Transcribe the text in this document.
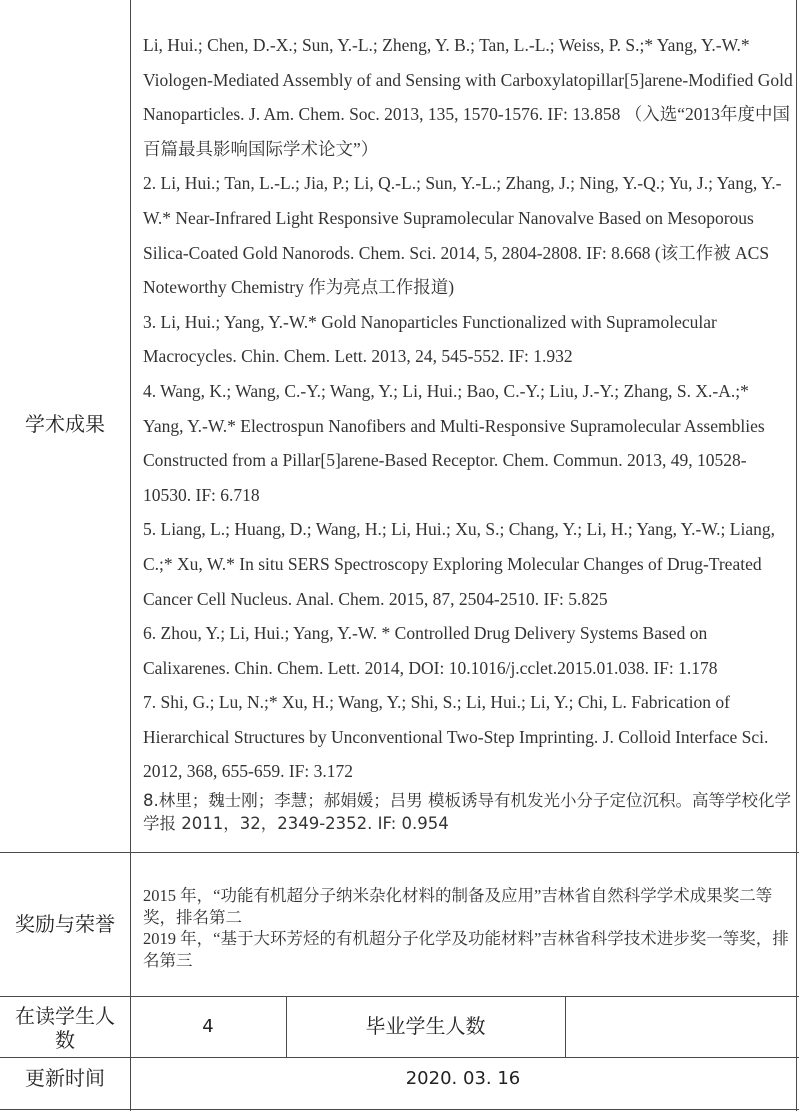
学术成果
奖励与荣誉
在读学生人数
毕业学生人数
更新时间
Li, Hui.; Chen, D.-X.; Sun, Y.-L.; Zheng, Y. B.; Tan, L.-L.; Weiss, P. S.;* Yang, Y.-W.* Viologen-Mediated Assembly of and Sensing with Carboxylatopillar[5]arene-Modified Gold Nanoparticles. J. Am. Chem. Soc. 2013, 135, 1570-1576. IF: 13.858 （入选“2013年度中国百篇最具影响国际学术论文”）
2. Li, Hui.; Tan, L.-L.; Jia, P.; Li, Q.-L.; Sun, Y.-L.; Zhang, J.; Ning, Y.-Q.; Yu, J.; Yang, Y.-W.* Near-Infrared Light Responsive Supramolecular Nanovalve Based on Mesoporous Silica-Coated Gold Nanorods. Chem. Sci. 2014, 5, 2804-2808. IF: 8.668 (该工作被 ACS Noteworthy Chemistry 作为亮点工作报道)
3. Li, Hui.; Yang, Y.-W.* Gold Nanoparticles Functionalized with Supramolecular Macrocycles. Chin. Chem. Lett. 2013, 24, 545-552. IF: 1.932
4. Wang, K.; Wang, C.-Y.; Wang, Y.; Li, Hui.; Bao, C.-Y.; Liu, J.-Y.; Zhang, S. X.-A.;* Yang, Y.-W.* Electrospun Nanofibers and Multi-Responsive Supramolecular Assemblies Constructed from a Pillar[5]arene-Based Receptor. Chem. Commun. 2013, 49, 10528-10530. IF: 6.718
5. Liang, L.; Huang, D.; Wang, H.; Li, Hui.; Xu, S.; Chang, Y.; Li, H.; Yang, Y.-W.; Liang, C.;* Xu, W.* In situ SERS Spectroscopy Exploring Molecular Changes of Drug-Treated Cancer Cell Nucleus. Anal. Chem. 2015, 87, 2504-2510. IF: 5.825
6. Zhou, Y.; Li, Hui.; Yang, Y.-W. * Controlled Drug Delivery Systems Based on Calixarenes. Chin. Chem. Lett. 2014, DOI: 10.1016/j.cclet.2015.01.038. IF: 1.178
7. Shi, G.; Lu, N.;* Xu, H.; Wang, Y.; Shi, S.; Li, Hui.; Li, Y.; Chi, L. Fabrication of Hierarchical Structures by Unconventional Two-Step Imprinting. J. Colloid Interface Sci. 2012, 368, 655-659. IF: 3.172
8.林里；魏士刚；李慧；郝娟媛；吕男 模板诱导有机发光小分子定位沉积。高等学校化学学报 2011，32，2349-2352. IF: 0.954
2015 年，“功能有机超分子纳米杂化材料的制备及应用”吉林省自然科学学术成果奖二等奖，排名第二
2019 年，“基于大环芳烃的有机超分子化学及功能材料”吉林省科学技术进步奖一等奖，排名第三
4
2020. 03. 16
